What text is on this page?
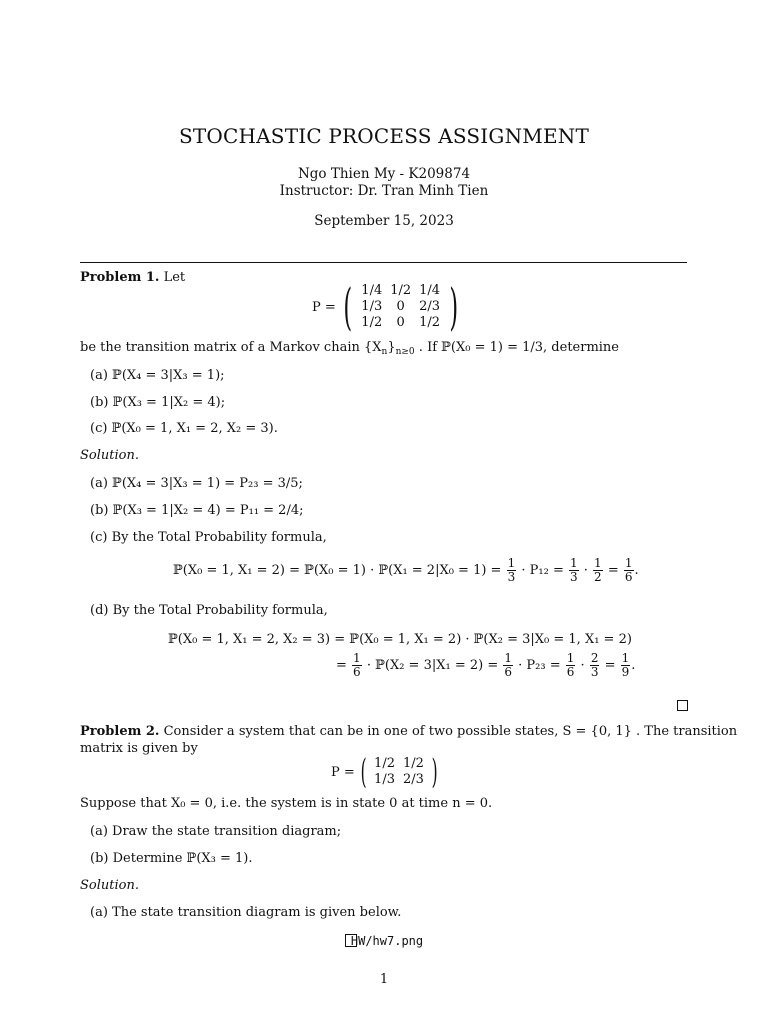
STOCHASTIC PROCESS ASSIGNMENT
Ngo Thien My - K209874
Instructor: Dr. Tran Minh Tien
September 15, 2023
Problem 1. Let
P = ( 1/4	1/2	1/4
1/3	0	2/3
1/2	0	1/2 )
be the transition matrix of a Markov chain $\{X_n\}_{n\ge 0}$ . If ℙ(X₀ = 1) = 1/3, determine
(a) ℙ(X₄ = 3|X₃ = 1);
(b) ℙ(X₃ = 1|X₂ = 4);
(c) ℙ(X₀ = 1, X₁ = 2, X₂ = 3).
Solution.
(a) ℙ(X₄ = 3|X₃ = 1) = P₂₃ = 3/5;
(b) ℙ(X₃ = 1|X₂ = 4) = P₁₁ = 2/4;
(c) By the Total Probability formula,
ℙ(X₀ = 1, X₁ = 2) = ℙ(X₀ = 1) · ℙ(X₁ = $2|X_0 = 1) = \frac{1}{3} \cdot P_{12} = \frac{1}{3} \cdot \frac{1}{2} = \frac{1}{6}$ .
(d) By the Total Probability formula,
ℙ(X₀ = 1, X₁ = 2, X₂ = 3) = ℙ(X₀ = 1, X₁ = 2) · ℙ(X₂ = 3|X₀ = 1, X₁ = 2)
= $\frac{1}{6}$ · ℙ(X₂ = $3|X_1 = 2) = \frac{1}{6} \cdot P_{23} = \frac{1}{6} \cdot \frac{2}{3} = \frac{1}{9}$ .
Problem 2. Consider a system that can be in one of two possible states, S = {0, 1} . The transition
matrix is given by
P = ( 1/2	1/2
1/3	2/3 )
Suppose that X₀ = 0, i.e. the system is in state 0 at time n = 0.
(a) Draw the state transition diagram;
(b) Determine ℙ(X₃ = 1).
Solution.
(a) The state transition diagram is given below.
HW/hw7.png
1
